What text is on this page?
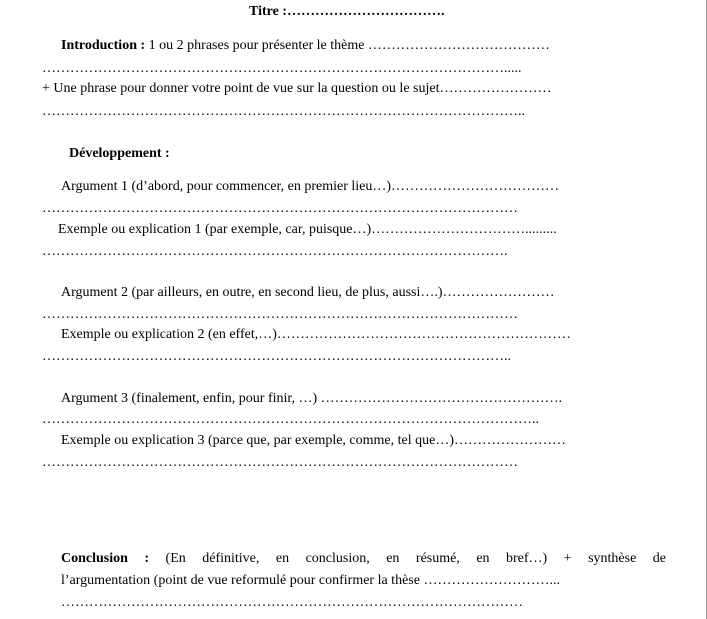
Titre :…………………………….
Introduction : 1 ou 2 phrases pour présenter le thème …………………………………
……………………………………………………………………………………….....
+ Une phrase pour donner votre point de vue sur la question ou le sujet……………………
…………………………………………………………………………………………..
Développement :
Argument 1 (d’abord, pour commencer, en premier lieu…)………………………………
…………………………………………………………………………………………
Exemple ou explication 1 (par exemple, car, puisque…)…………………………….........
……………………………………………………………………………………….
Argument 2 (par ailleurs, en outre, en second lieu, de plus, aussi….)……………………
…………………………………………………………………………………………
Exemple ou explication 2 (en effet,…)………………………………………………………
………………………………………………………………………………………..
Argument 3 (finalement, enfin, pour finir, …) …………………………………………….
……………………………………………………………………………………………..
Exemple ou explication 3 (parce que, par exemple, comme, tel que…)……………………
…………………………………………………………………………………………
Conclusion : (En définitive, en conclusion, en résumé, en bref…) + synthèse de
l’argumentation (point de vue reformulé pour confirmer la thèse ………………………...
………………………………………………………………………………………
